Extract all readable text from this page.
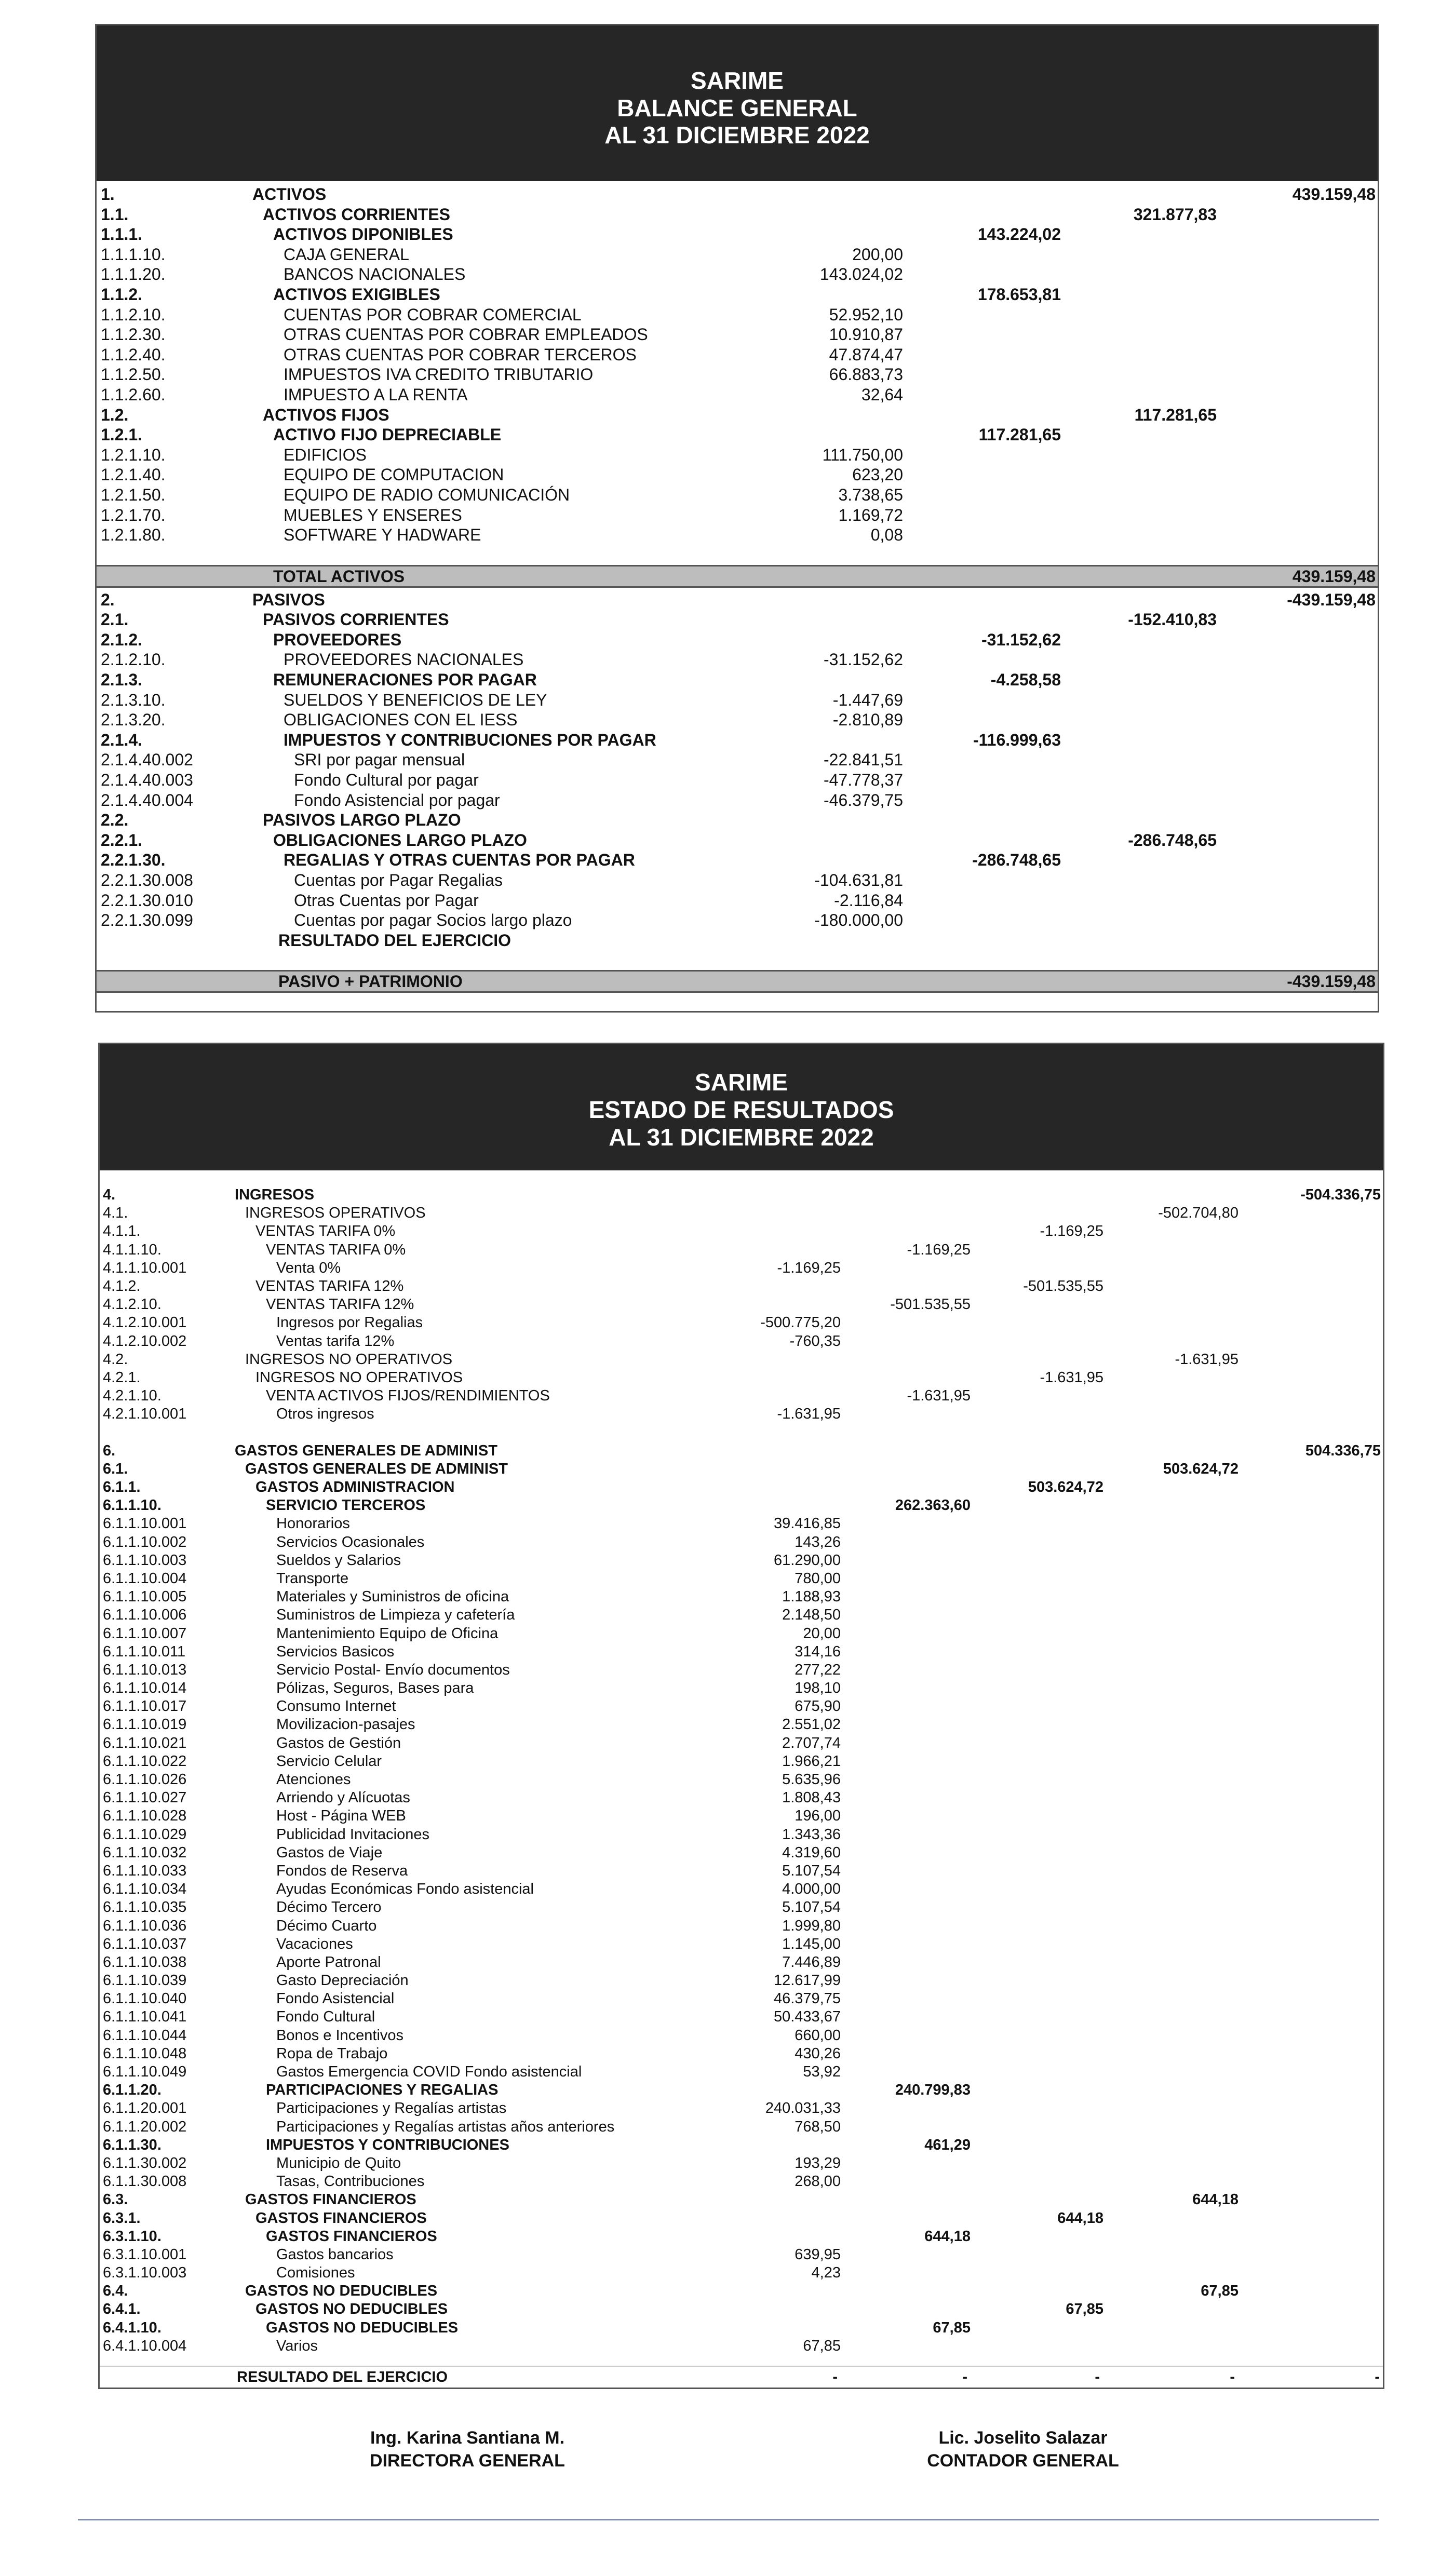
SARIME
BALANCE GENERAL
AL 31 DICIEMBRE 2022
1.	ACTIVOS	439.159,48
1.1.	ACTIVOS CORRIENTES	321.877,83
1.1.1.	ACTIVOS DIPONIBLES	143.224,02
1.1.1.10.	CAJA GENERAL	200,00
1.1.1.20.	BANCOS NACIONALES	143.024,02
1.1.2.	ACTIVOS EXIGIBLES	178.653,81
1.1.2.10.	CUENTAS POR COBRAR COMERCIAL	52.952,10
1.1.2.30.	OTRAS CUENTAS POR COBRAR EMPLEADOS	10.910,87
1.1.2.40.	OTRAS CUENTAS POR COBRAR TERCEROS	47.874,47
1.1.2.50.	IMPUESTOS IVA CREDITO TRIBUTARIO	66.883,73
1.1.2.60.	IMPUESTO A LA RENTA	32,64
1.2.	ACTIVOS FIJOS	117.281,65
1.2.1.	ACTIVO FIJO DEPRECIABLE	117.281,65
1.2.1.10.	EDIFICIOS	111.750,00
1.2.1.40.	EQUIPO DE COMPUTACION	623,20
1.2.1.50.	EQUIPO DE RADIO COMUNICACIÓN	3.738,65
1.2.1.70.	MUEBLES Y ENSERES	1.169,72
1.2.1.80.	SOFTWARE Y HADWARE	0,08
TOTAL ACTIVOS	439.159,48
2.	PASIVOS	-439.159,48
2.1.	PASIVOS CORRIENTES	-152.410,83
2.1.2.	PROVEEDORES	-31.152,62
2.1.2.10.	PROVEEDORES NACIONALES	-31.152,62
2.1.3.	REMUNERACIONES POR PAGAR	-4.258,58
2.1.3.10.	SUELDOS Y BENEFICIOS DE LEY	-1.447,69
2.1.3.20.	OBLIGACIONES CON EL IESS	-2.810,89
2.1.4.	IMPUESTOS Y CONTRIBUCIONES POR PAGAR	-116.999,63
2.1.4.40.002	SRI por pagar mensual	-22.841,51
2.1.4.40.003	Fondo Cultural por pagar	-47.778,37
2.1.4.40.004	Fondo Asistencial por pagar	-46.379,75
2.2.	PASIVOS LARGO PLAZO
2.2.1.	OBLIGACIONES LARGO PLAZO	-286.748,65
2.2.1.30.	REGALIAS Y OTRAS CUENTAS POR PAGAR	-286.748,65
2.2.1.30.008	Cuentas por Pagar Regalias	-104.631,81
2.2.1.30.010	Otras Cuentas por Pagar	-2.116,84
2.2.1.30.099	Cuentas por pagar Socios largo plazo	-180.000,00
RESULTADO DEL EJERCICIO
PASIVO + PATRIMONIO	-439.159,48
SARIME
ESTADO DE RESULTADOS
AL 31 DICIEMBRE 2022
4.	INGRESOS	-504.336,75
4.1.	INGRESOS OPERATIVOS	-502.704,80
4.1.1.	VENTAS TARIFA 0%	-1.169,25
4.1.1.10.	VENTAS TARIFA 0%	-1.169,25
4.1.1.10.001	Venta 0%	-1.169,25
4.1.2.	VENTAS TARIFA 12%	-501.535,55
4.1.2.10.	VENTAS TARIFA 12%	-501.535,55
4.1.2.10.001	Ingresos por Regalias	-500.775,20
4.1.2.10.002	Ventas tarifa 12%	-760,35
4.2.	INGRESOS NO OPERATIVOS	-1.631,95
4.2.1.	INGRESOS NO OPERATIVOS	-1.631,95
4.2.1.10.	VENTA ACTIVOS FIJOS/RENDIMIENTOS	-1.631,95
4.2.1.10.001	Otros ingresos	-1.631,95
6.	GASTOS GENERALES DE ADMINIST	504.336,75
6.1.	GASTOS GENERALES DE ADMINIST	503.624,72
6.1.1.	GASTOS ADMINISTRACION	503.624,72
6.1.1.10.	SERVICIO TERCEROS	262.363,60
6.1.1.10.001	Honorarios	39.416,85
6.1.1.10.002	Servicios Ocasionales	143,26
6.1.1.10.003	Sueldos y Salarios	61.290,00
6.1.1.10.004	Transporte	780,00
6.1.1.10.005	Materiales y Suministros de oficina	1.188,93
6.1.1.10.006	Suministros de Limpieza y cafetería	2.148,50
6.1.1.10.007	Mantenimiento Equipo de Oficina	20,00
6.1.1.10.011	Servicios Basicos	314,16
6.1.1.10.013	Servicio Postal- Envío documentos	277,22
6.1.1.10.014	Pólizas, Seguros, Bases para	198,10
6.1.1.10.017	Consumo Internet	675,90
6.1.1.10.019	Movilizacion-pasajes	2.551,02
6.1.1.10.021	Gastos de Gestión	2.707,74
6.1.1.10.022	Servicio Celular	1.966,21
6.1.1.10.026	Atenciones	5.635,96
6.1.1.10.027	Arriendo y Alícuotas	1.808,43
6.1.1.10.028	Host - Página WEB	196,00
6.1.1.10.029	Publicidad Invitaciones	1.343,36
6.1.1.10.032	Gastos de Viaje	4.319,60
6.1.1.10.033	Fondos de Reserva	5.107,54
6.1.1.10.034	Ayudas Económicas Fondo asistencial	4.000,00
6.1.1.10.035	Décimo Tercero	5.107,54
6.1.1.10.036	Décimo Cuarto	1.999,80
6.1.1.10.037	Vacaciones	1.145,00
6.1.1.10.038	Aporte Patronal	7.446,89
6.1.1.10.039	Gasto Depreciación	12.617,99
6.1.1.10.040	Fondo Asistencial	46.379,75
6.1.1.10.041	Fondo Cultural	50.433,67
6.1.1.10.044	Bonos e Incentivos	660,00
6.1.1.10.048	Ropa de Trabajo	430,26
6.1.1.10.049	Gastos Emergencia COVID Fondo asistencial	53,92
6.1.1.20.	PARTICIPACIONES Y REGALIAS	240.799,83
6.1.1.20.001	Participaciones y Regalías artistas	240.031,33
6.1.1.20.002	Participaciones y Regalías artistas años anteriores	768,50
6.1.1.30.	IMPUESTOS Y CONTRIBUCIONES	461,29
6.1.1.30.002	Municipio de Quito	193,29
6.1.1.30.008	Tasas, Contribuciones	268,00
6.3.	GASTOS FINANCIEROS	644,18
6.3.1.	GASTOS FINANCIEROS	644,18
6.3.1.10.	GASTOS FINANCIEROS	644,18
6.3.1.10.001	Gastos bancarios	639,95
6.3.1.10.003	Comisiones	4,23
6.4.	GASTOS NO DEDUCIBLES	67,85
6.4.1.	GASTOS NO DEDUCIBLES	67,85
6.4.1.10.	GASTOS NO DEDUCIBLES	67,85
6.4.1.10.004	Varios	67,85
RESULTADO DEL EJERCICIO	-	-	-	-	-
Ing. Karina Santiana M.
DIRECTORA GENERAL
Lic. Joselito Salazar
CONTADOR GENERAL
